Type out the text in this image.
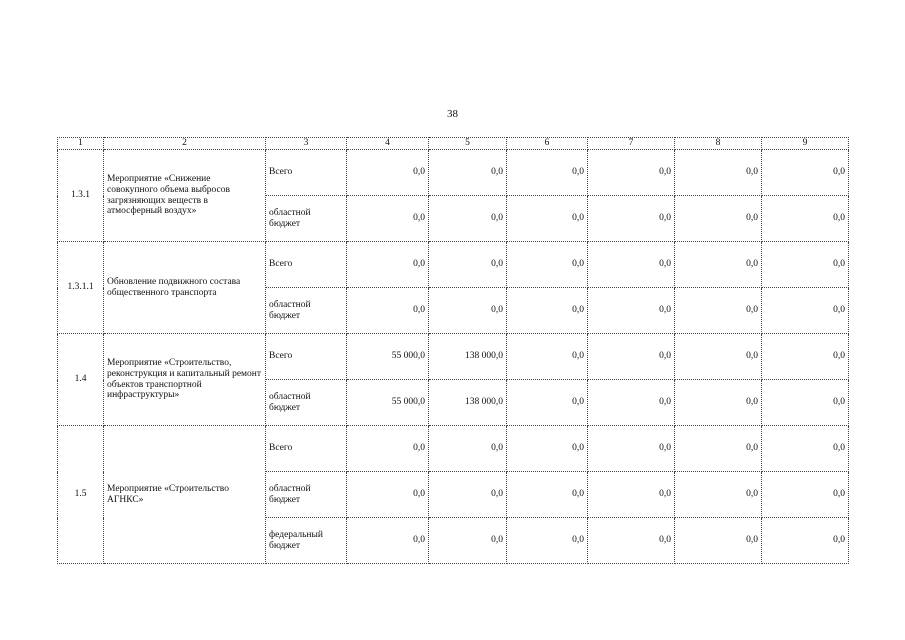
38
1	2	3	4	5	6	7	8	9
1.3.1	Мероприятие «Снижение совокупного объема выбросов загрязняющих веществ в атмосферный воздух»	Всего	0,0	0,0	0,0	0,0	0,0	0,0
		областной бюджет	0,0	0,0	0,0	0,0	0,0	0,0
1.3.1.1	Обновление подвижного состава общественного транспорта	Всего	0,0	0,0	0,0	0,0	0,0	0,0
		областной бюджет	0,0	0,0	0,0	0,0	0,0	0,0
1.4	Мероприятие «Строительство, реконструкция и капитальный ремонт объектов транспортной инфраструктуры»	Всего	55 000,0	138 000,0	0,0	0,0	0,0	0,0
		областной бюджет	55 000,0	138 000,0	0,0	0,0	0,0	0,0
1.5	Мероприятие «Строительство АГНКС»	Всего	0,0	0,0	0,0	0,0	0,0	0,0
		областной бюджет	0,0	0,0	0,0	0,0	0,0	0,0
		федеральный бюджет	0,0	0,0	0,0	0,0	0,0	0,0
